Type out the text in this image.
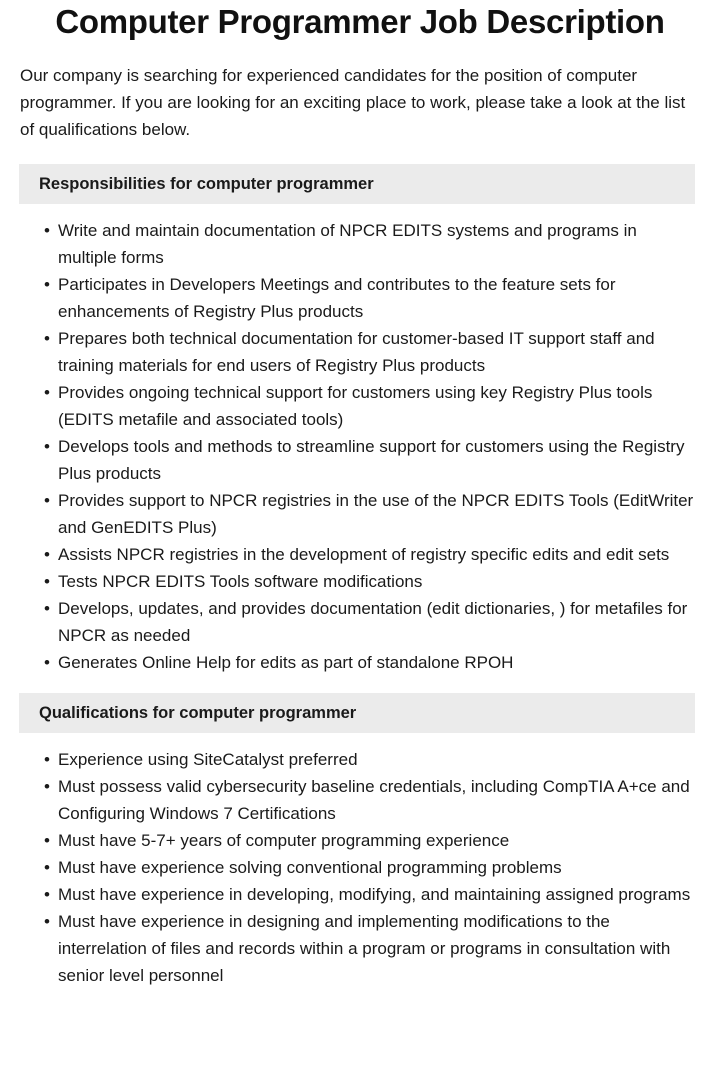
Computer Programmer Job Description

Our company is searching for experienced candidates for the position of computer programmer. If you are looking for an exciting place to work, please take a look at the list of qualifications below.

Responsibilities for computer programmer
• Write and maintain documentation of NPCR EDITS systems and programs in multiple forms
• Participates in Developers Meetings and contributes to the feature sets for enhancements of Registry Plus products
• Prepares both technical documentation for customer-based IT support staff and training materials for end users of Registry Plus products
• Provides ongoing technical support for customers using key Registry Plus tools (EDITS metafile and associated tools)
• Develops tools and methods to streamline support for customers using the Registry Plus products
• Provides support to NPCR registries in the use of the NPCR EDITS Tools (EditWriter and GenEDITS Plus)
• Assists NPCR registries in the development of registry specific edits and edit sets
• Tests NPCR EDITS Tools software modifications
• Develops, updates, and provides documentation (edit dictionaries, ) for metafiles for NPCR as needed
• Generates Online Help for edits as part of standalone RPOH
Qualifications for computer programmer
• Experience using SiteCatalyst preferred
• Must possess valid cybersecurity baseline credentials, including CompTIA A+ce and Configuring Windows 7 Certifications
• Must have 5-7+ years of computer programming experience
• Must have experience solving conventional programming problems
• Must have experience in developing, modifying, and maintaining assigned programs
• Must have experience in designing and implementing modifications to the interrelation of files and records within a program or programs in consultation with senior level personnel
